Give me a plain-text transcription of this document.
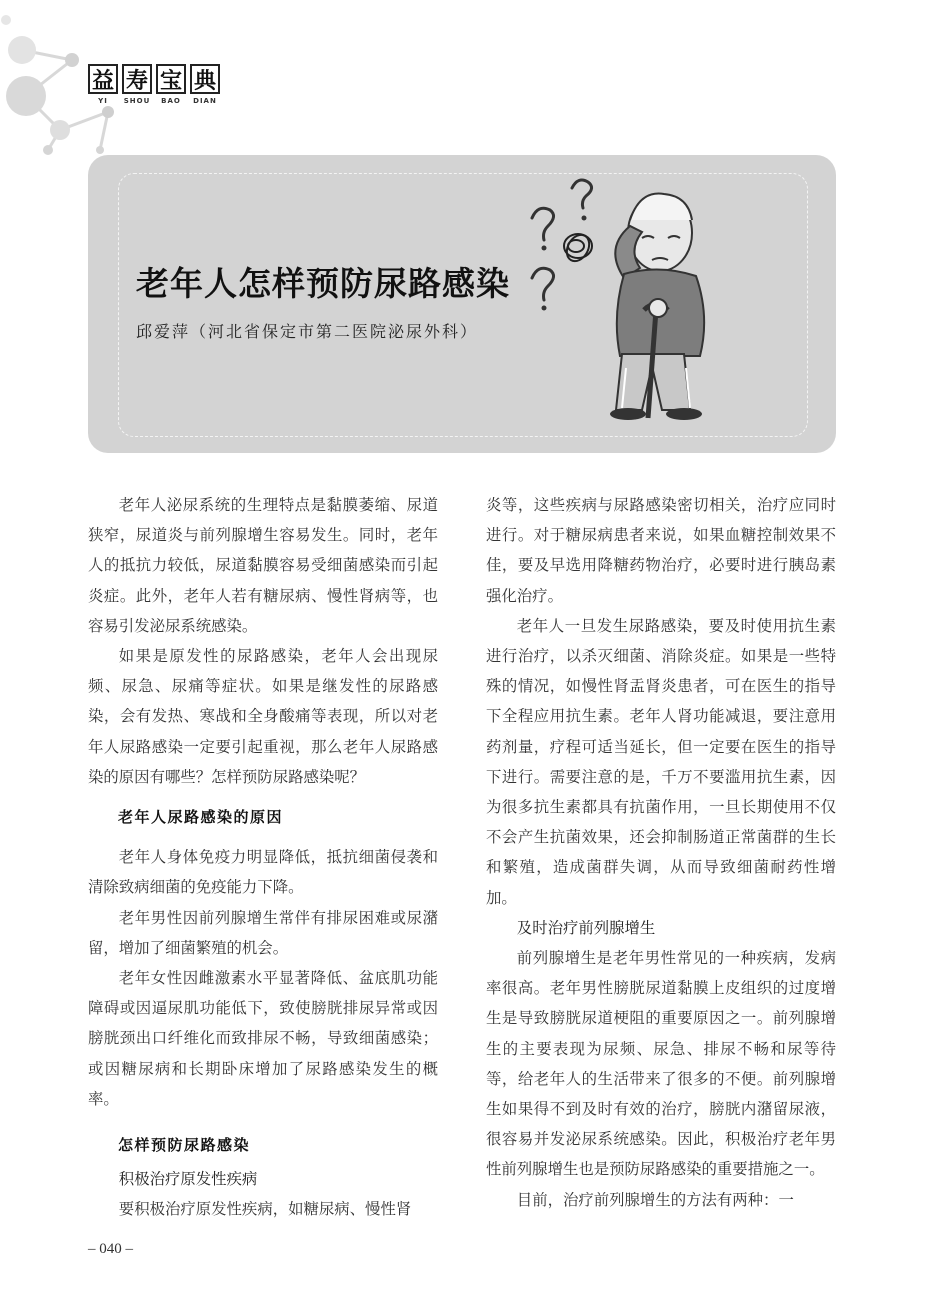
益 寿 宝 典
YI	SHOU	BAO	DIAN
老年人怎样预防尿路感染
邱爱萍（河北省保定市第二医院泌尿外科）

老年人泌尿系统的生理特点是黏膜萎缩、尿道狭窄，尿道炎与前列腺增生容易发生。同时，老年人的抵抗力较低，尿道黏膜容易受细菌感染而引起炎症。此外，老年人若有糖尿病、慢性肾病等，也容易引发泌尿系统感染。

如果是原发性的尿路感染，老年人会出现尿频、尿急、尿痛等症状。如果是继发性的尿路感染，会有发热、寒战和全身酸痛等表现，所以对老年人尿路感染一定要引起重视，那么老年人尿路感染的原因有哪些？怎样预防尿路感染呢？

老年人尿路感染的原因

老年人身体免疫力明显降低，抵抗细菌侵袭和清除致病细菌的免疫能力下降。

老年男性因前列腺增生常伴有排尿困难或尿潴留，增加了细菌繁殖的机会。

老年女性因雌激素水平显著降低、盆底肌功能障碍或因逼尿肌功能低下，致使膀胱排尿异常或因膀胱颈出口纤维化而致排尿不畅，导致细菌感染；或因糖尿病和长期卧床增加了尿路感染发生的概率。

怎样预防尿路感染
积极治疗原发性疾病

要积极治疗原发性疾病，如糖尿病、慢性肾

炎等，这些疾病与尿路感染密切相关，治疗应同时进行。对于糖尿病患者来说，如果血糖控制效果不佳，要及早选用降糖药物治疗，必要时进行胰岛素强化治疗。

老年人一旦发生尿路感染，要及时使用抗生素进行治疗，以杀灭细菌、消除炎症。如果是一些特殊的情况，如慢性肾盂肾炎患者，可在医生的指导下全程应用抗生素。老年人肾功能减退，要注意用药剂量，疗程可适当延长，但一定要在医生的指导下进行。需要注意的是，千万不要滥用抗生素，因为很多抗生素都具有抗菌作用，一旦长期使用不仅不会产生抗菌效果，还会抑制肠道正常菌群的生长和繁殖，造成菌群失调，从而导致细菌耐药性增加。

及时治疗前列腺增生

前列腺增生是老年男性常见的一种疾病，发病率很高。老年男性膀胱尿道黏膜上皮组织的过度增生是导致膀胱尿道梗阻的重要原因之一。前列腺增生的主要表现为尿频、尿急、排尿不畅和尿等待等，给老年人的生活带来了很多的不便。前列腺增生如果得不到及时有效的治疗，膀胱内潴留尿液，很容易并发泌尿系统感染。因此，积极治疗老年男性前列腺增生也是预防尿路感染的重要措施之一。

目前，治疗前列腺增生的方法有两种：一

– 040 –
